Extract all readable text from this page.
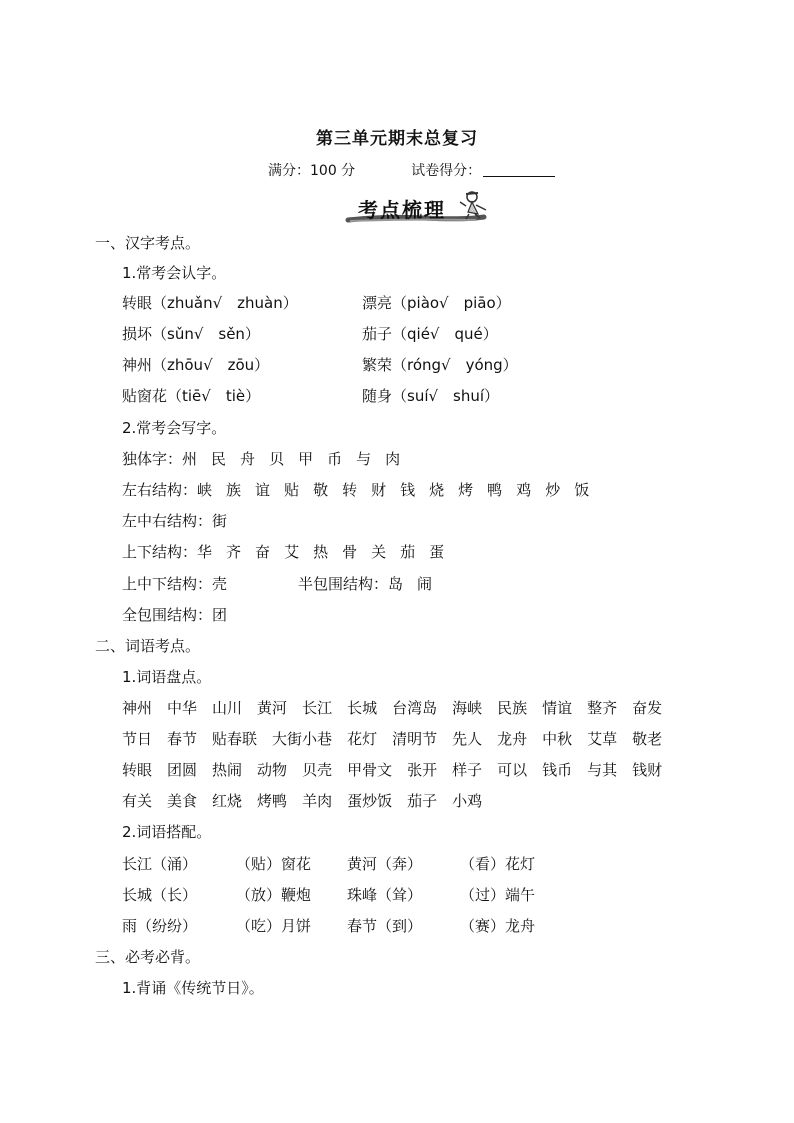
第三单元期末总复习
满分：100 分	试卷得分：
考点梳理
一、汉字考点。
1.常考会认字。
转眼（zhuǎn√　zhuàn）	漂亮（piào√　piāo）
损坏（sǔn√　sěn）	茄子（qié√　qué）
神州（zhōu√　zōu）	繁荣（róng√　yóng）
贴窗花（tiē√　tiè）	随身（suí√　shuí）
2.常考会写字。
独体字：州 民 舟 贝 甲 币 与 肉
左右结构：峡 族 谊 贴 敬 转 财 钱 烧 烤 鸭 鸡 炒 饭
左中右结构：街
上下结构：华 齐 奋 艾 热 骨 关 茄 蛋
上中下结构：壳	半包围结构：岛 闹
全包围结构：团
二、词语考点。
1.词语盘点。
神州 中华 山川 黄河 长江 长城 台湾岛 海峡 民族 情谊 整齐 奋发
节日 春节 贴春联 大街小巷 花灯 清明节 先人 龙舟 中秋 艾草 敬老
转眼 团圆 热闹 动物 贝壳 甲骨文 张开 样子 可以 钱币 与其 钱财
有关 美食 红烧 烤鸭 羊肉 蛋炒饭 茄子 小鸡
2.词语搭配。
长江（涌）	（贴）窗花 黄河（奔）	（看）花灯
长城（长）	（放）鞭炮 珠峰（耸）	（过）端午
雨（纷纷）	（吃）月饼 春节（到）	（赛）龙舟
三、必考必背。
1.背诵《传统节日》。
